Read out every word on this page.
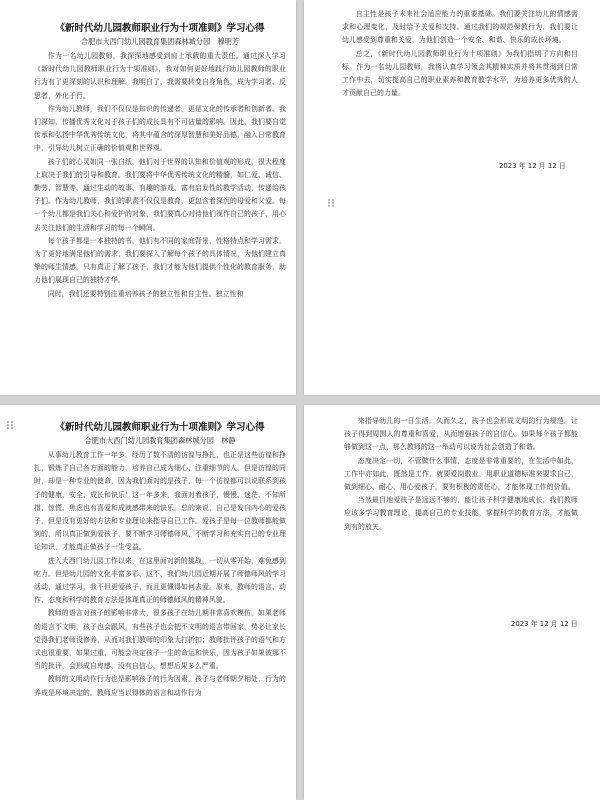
《新时代幼儿园教师职业行为十项准则》学习心得
合肥市大西门幼儿园教育集团森林城分园　穆明芳

作为一名幼儿园教师，我深深地感受到肩上承载的重大责任。通过深入学习《新时代幼儿园教师职业行为十项准则》，我对如何更好地践行幼儿园教师的职业行为有了更深刻的认识和理解。我明白了，我需要转变自身角色，成为学习者、反思者，外化于行。

作为幼儿教师，我们不仅仅是知识的传递者，更是文化的传承者和创新者。我们深知，传播优秀文化对于孩子们的成长具有不可估量的影响。因此，我们要自觉传承和弘扬中华优秀传统文化，将其中蕴含的深厚智慧和美好品德，融入日常教育中，引导幼儿树立正确的价值观和世界观。

孩子们的心灵如同一张白纸，他们对于世界的认知和价值观的形成，很大程度上取决于我们的引导和教育。我们要将中华优秀传统文化的精髓，如仁爱、诚信、勤劳、智慧等，通过生动的故事、有趣的游戏、富有启发性的教学活动，传递给孩子们。作为幼儿教师，我们的职责不仅仅是教育，更包含着深沉的母爱和父爱。每一个幼儿都是我们关心和爱护的对象，我们要真心对待他们视作自己的孩子，用心去关注他们的生活和学习的每一个瞬间。

每个孩子都是一本独特的书，他们有不同的家庭背景、性格特点和学习需求。为了更好地满足他们的需求，我们要深入了解每个孩子的具体情况，为他们建立真挚的师生情感。只有真正了解了孩子，我们才能为他们提供个性化的教育服务，助力他们展现自己的独特才华。

同时，我们还要特别注重培养孩子的独立性和自主性。独立性和

自主性是孩子未来社会适应能力的重要基础。我们要关注幼儿的情感需求和心理变化，及时给予关爱和支持。通过我们的规范保教行为，我们要让幼儿感受到尊重和关爱，为他们创造一个安全、和谐、快乐的成长环境。

总之，《新时代幼儿园教师职业行为十项准则》为我们指明了方向和目标。作为一名幼儿园教师，我将认真学习领会其精神实质并将其贯彻到日常工作中去，切实提高自己的职业素养和教育教学水平，为培养更多优秀的人才贡献自己的力量。

2023 年 12 月 12 日
《新时代幼儿园教师职业行为十项准则》学习心得
合肥市大西门幼儿园教育集团森林城分园　林静

从事幼儿教育工作一年多，经历了数不清的彷徨与挣扎，也正是这些彷徨和挣扎，锻炼了自己各方面的能力，培养自己成为细心、注重细节的人。但是彷徨的同时，却是一种专业的使命，因为我们面对的是孩子，每一个彷徨都可以说联系到孩子的健康、安全、成长和快乐！这一年多来，我面对着孩子，慢慢、迷茫、不知所措、惊慌、焦虑也有喜爱和成就感带来的快乐。总的来说，自己是发自内心的爱孩子，但是没有更好的方法和专业理论来指导自己工作。爱孩子是每一位教师都能做到的，所以真正做到爱孩子，要不断学习师德师风，不断学习和充实自己的专业理论知识，才能真正做孩子一生受益。

进入大西门幼儿园工作以来，在这里面对新的挑战，一切从零开始，难免感到吃力。但是幼儿园的文化丰富多彩，这不，我们幼儿园近期开展了师德师风的学习活动，通过学习，我不但更爱孩子，而且更懂得如何去爱。原来，教师的语言、动作、态度和科学的教育方法是体现真正的师德师风的精神风貌。

教师的语言对孩子的影响非常大，很多孩子在幼儿期非常喜欢模仿，如果老师的语言不文明，孩子也会跟风，有些孩子也会把不文明的语言带回家，势必让家长觉得我们老师没修养，从而对我们教师的印象大打折扣；教师批评孩子的语气和方式也很重要，如果过重，可能会决定孩子一生的命运和快乐，因为孩子如果被那不当的批评，会形成自卑感，没有自信心，想想后果多么严重。

教师的文明动作行为也是影响孩子的行为因素，孩子与老师朝夕相处，行为的养成是环境决定的。教师应当以得体的语言和动作行为

来指导幼儿的一日生活。久而久之，孩子也会形成文明的行为规范。让孩子得到周围人的尊重和喜爱，从而增强孩子的自信心。如果每个孩子都能够做到这一点，那么教师的这一举动可以说为社会创造了和谐。

态度决定一切，不管做什么事情，态度是非常重要的，在生活中如此，工作中亦如此，既然是工作，就要爱岗敬业，用职业道德标准来要求自己，做到细心、耐心、用心爱孩子，要有积极的责任心，才能体现工作的价值。

当然最目地爱孩子是远远不够的，能让孩子科学健康地成长，我们教师应该多学习教育理论，提高自己的专业技能，掌握科学的教育方法，才能做到有的放矢。

2023 年 12 月 12 日
